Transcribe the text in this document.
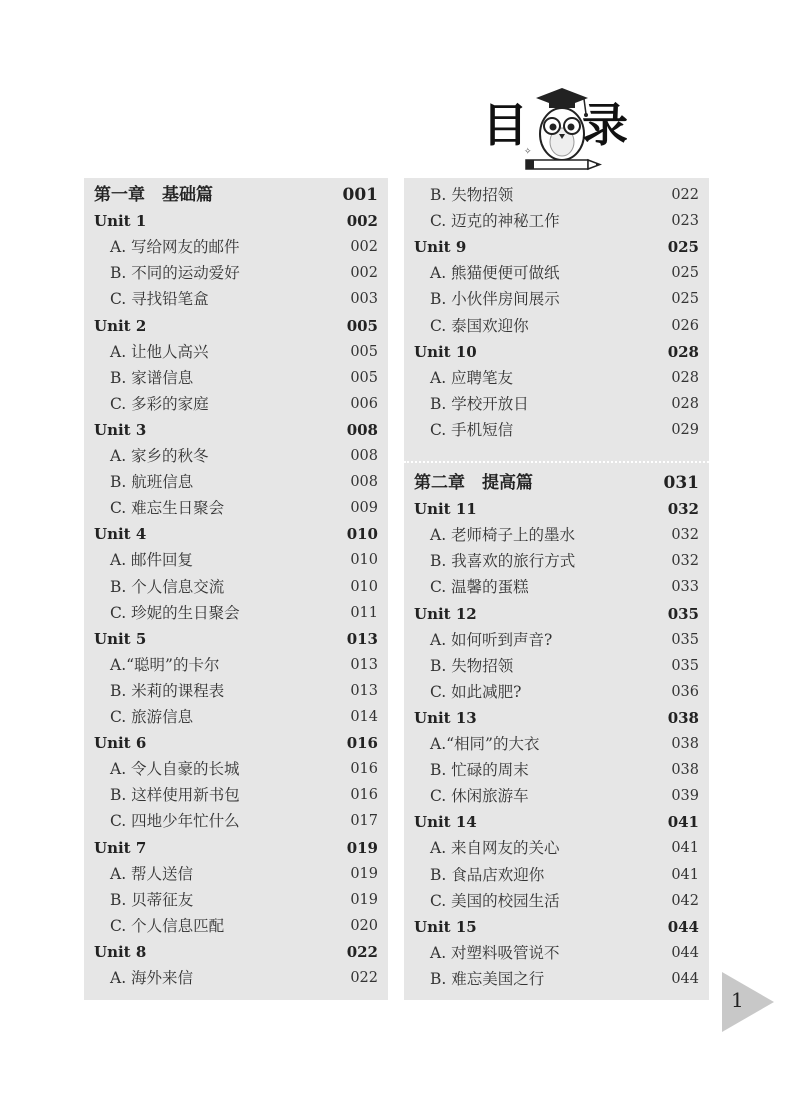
目
✧ 录
第一章　基础篇	001
Unit 1	002
A. 写给网友的邮件	002
B. 不同的运动爱好	002
C. 寻找铅笔盒	003
Unit 2	005
A. 让他人高兴	005
B. 家谱信息	005
C. 多彩的家庭	006
Unit 3	008
A. 家乡的秋冬	008
B. 航班信息	008
C. 难忘生日聚会	009
Unit 4	010
A. 邮件回复	010
B. 个人信息交流	010
C. 珍妮的生日聚会	011
Unit 5	013
A.“聪明”的卡尔	013
B. 米莉的课程表	013
C. 旅游信息	014
Unit 6	016
A. 令人自豪的长城	016
B. 这样使用新书包	016
C. 四地少年忙什么	017
Unit 7	019
A. 帮人送信	019
B. 贝蒂征友	019
C. 个人信息匹配	020
Unit 8	022
A. 海外来信	022
B. 失物招领	022
C. 迈克的神秘工作	023
Unit 9	025
A. 熊猫便便可做纸	025
B. 小伙伴房间展示	025
C. 泰国欢迎你	026
Unit 10	028
A. 应聘笔友	028
B. 学校开放日	028
C. 手机短信	029
第二章　提高篇	031
Unit 11	032
A. 老师椅子上的墨水	032
B. 我喜欢的旅行方式	032
C. 温馨的蛋糕	033
Unit 12	035
A. 如何听到声音?	035
B. 失物招领	035
C. 如此减肥?	036
Unit 13	038
A.“相同”的大衣	038
B. 忙碌的周末	038
C. 休闲旅游车	039
Unit 14	041
A. 来自网友的关心	041
B. 食品店欢迎你	041
C. 美国的校园生活	042
Unit 15	044
A. 对塑料吸管说不	044
B. 难忘美国之行	044
1
